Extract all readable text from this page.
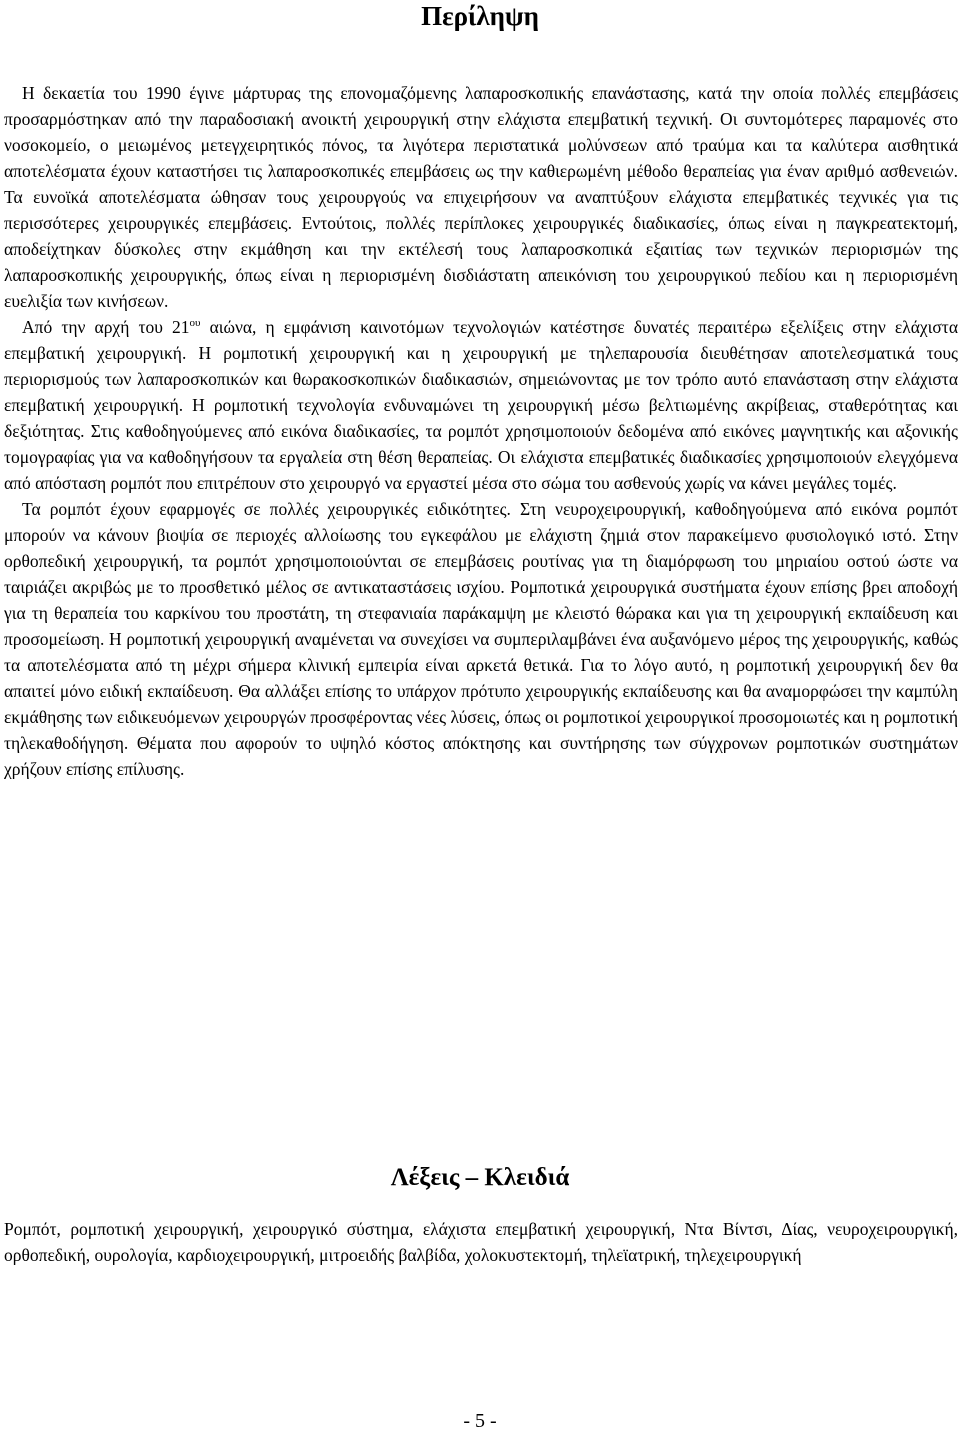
Περίληψη

Η δεκαετία του 1990 έγινε μάρτυρας της επονομαζόμενης λαπαροσκοπικής επανάστασης, κατά την οποία πολλές επεμβάσεις προσαρμόστηκαν από την παραδοσιακή ανοικτή χειρουργική στην ελάχιστα επεμβατική τεχνική. Οι συντομότερες παραμονές στο νοσοκομείο, ο μειωμένος μετεγχειρητικός πόνος, τα λιγότερα περιστατικά μολύνσεων από τραύμα και τα καλύτερα αισθητικά αποτελέσματα έχουν καταστήσει τις λαπαροσκοπικές επεμβάσεις ως την καθιερωμένη μέθοδο θεραπείας για έναν αριθμό ασθενειών. Τα ευνοϊκά αποτελέσματα ώθησαν τους χειρουργούς να επιχειρήσουν να αναπτύξουν ελάχιστα επεμβατικές τεχνικές για τις περισσότερες χειρουργικές επεμβάσεις. Εντούτοις, πολλές περίπλοκες χειρουργικές διαδικασίες, όπως είναι η παγκρεατεκτομή, αποδείχτηκαν δύσκολες στην εκμάθηση και την εκτέλεσή τους λαπαροσκοπικά εξαιτίας των τεχνικών περιορισμών της λαπαροσκοπικής χειρουργικής, όπως είναι η περιορισμένη δισδιάστατη απεικόνιση του χειρουργικού πεδίου και η περιορισμένη ευελιξία των κινήσεων.

Από την αρχή του $21^{o\upsilon}$ αιώνα, η εμφάνιση καινοτόμων τεχνολογιών κατέστησε δυνατές περαιτέρω εξελίξεις στην ελάχιστα επεμβατική χειρουργική. Η ρομποτική χειρουργική και η χειρουργική με τηλεπαρουσία διευθέτησαν αποτελεσματικά τους περιορισμούς των λαπαροσκοπικών και θωρακοσκοπικών διαδικασιών, σημειώνοντας με τον τρόπο αυτό επανάσταση στην ελάχιστα επεμβατική χειρουργική. Η ρομποτική τεχνολογία ενδυναμώνει τη χειρουργική μέσω βελτιωμένης ακρίβειας, σταθερότητας και δεξιότητας. Στις καθοδηγούμενες από εικόνα διαδικασίες, τα ρομπότ χρησιμοποιούν δεδομένα από εικόνες μαγνητικής και αξονικής τομογραφίας για να καθοδηγήσουν τα εργαλεία στη θέση θεραπείας. Οι ελάχιστα επεμβατικές διαδικασίες χρησιμοποιούν ελεγχόμενα από απόσταση ρομπότ που επιτρέπουν στο χειρουργό να εργαστεί μέσα στο σώμα του ασθενούς χωρίς να κάνει μεγάλες τομές.

Τα ρομπότ έχουν εφαρμογές σε πολλές χειρουργικές ειδικότητες. Στη νευροχειρουργική, καθοδηγούμενα από εικόνα ρομπότ μπορούν να κάνουν βιοψία σε περιοχές αλλοίωσης του εγκεφάλου με ελάχιστη ζημιά στον παρακείμενο φυσιολογικό ιστό. Στην ορθοπεδική χειρουργική, τα ρομπότ χρησιμοποιούνται σε επεμβάσεις ρουτίνας για τη διαμόρφωση του μηριαίου οστού ώστε να ταιριάζει ακριβώς με το προσθετικό μέλος σε αντικαταστάσεις ισχίου. Ρομποτικά χειρουργικά συστήματα έχουν επίσης βρει αποδοχή για τη θεραπεία του καρκίνου του προστάτη, τη στεφανιαία παράκαμψη με κλειστό θώρακα και για τη χειρουργική εκπαίδευση και προσομείωση. Η ρομποτική χειρουργική αναμένεται να συνεχίσει να συμπεριλαμβάνει ένα αυξανόμενο μέρος της χειρουργικής, καθώς τα αποτελέσματα από τη μέχρι σήμερα κλινική εμπειρία είναι αρκετά θετικά. Για το λόγο αυτό, η ρομποτική χειρουργική δεν θα απαιτεί μόνο ειδική εκπαίδευση. Θα αλλάξει επίσης το υπάρχον πρότυπο χειρουργικής εκπαίδευσης και θα αναμορφώσει την καμπύλη εκμάθησης των ειδικευόμενων χειρουργών προσφέροντας νέες λύσεις, όπως οι ρομποτικοί χειρουργικοί προσομοιωτές και η ρομποτική τηλεκαθοδήγηση. Θέματα που αφορούν το υψηλό κόστος απόκτησης και συντήρησης των σύγχρονων ρομποτικών συστημάτων χρήζουν επίσης επίλυσης.

Λέξεις – Κλειδιά

Ρομπότ, ρομποτική χειρουργική, χειρουργικό σύστημα, ελάχιστα επεμβατική χειρουργική, Ντα Βίντσι, Δίας, νευροχειρουργική, ορθοπεδική, ουρολογία, καρδιοχειρουργική, μιτροειδής βαλβίδα, χολοκυστεκτομή, τηλεϊατρική, τηλεχειρουργική

- 5 -
